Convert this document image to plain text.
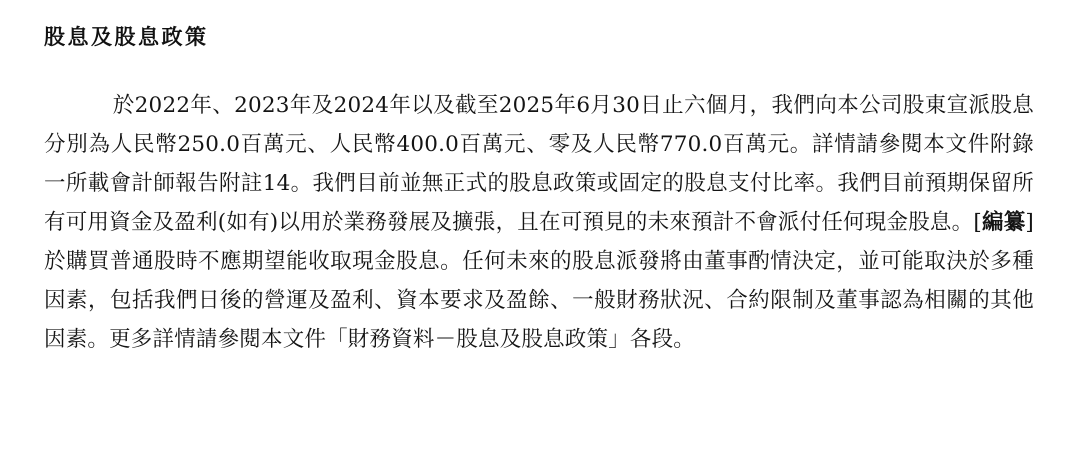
股息及股息政策

於2022年、2023年及2024年以及截至2025年6月30日止六個月，我們向本公司股東宣派股息分別為人民幣250.0百萬元、人民幣400.0百萬元、零及人民幣770.0百萬元。詳情請參閱本文件附錄一所載會計師報告附註14。我們目前並無正式的股息政策或固定的股息支付比率。我們目前預期保留所有可用資金及盈利(如有)以用於業務發展及擴張，且在可預見的未來預計不會派付任何現金股息。[編纂]於購買普通股時不應期望能收取現金股息。任何未來的股息派發將由董事酌情決定，並可能取決於多種因素，包括我們日後的營運及盈利、資本要求及盈餘、一般財務狀況、合約限制及董事認為相關的其他因素。更多詳情請參閱本文件「財務資料－股息及股息政策」各段。
